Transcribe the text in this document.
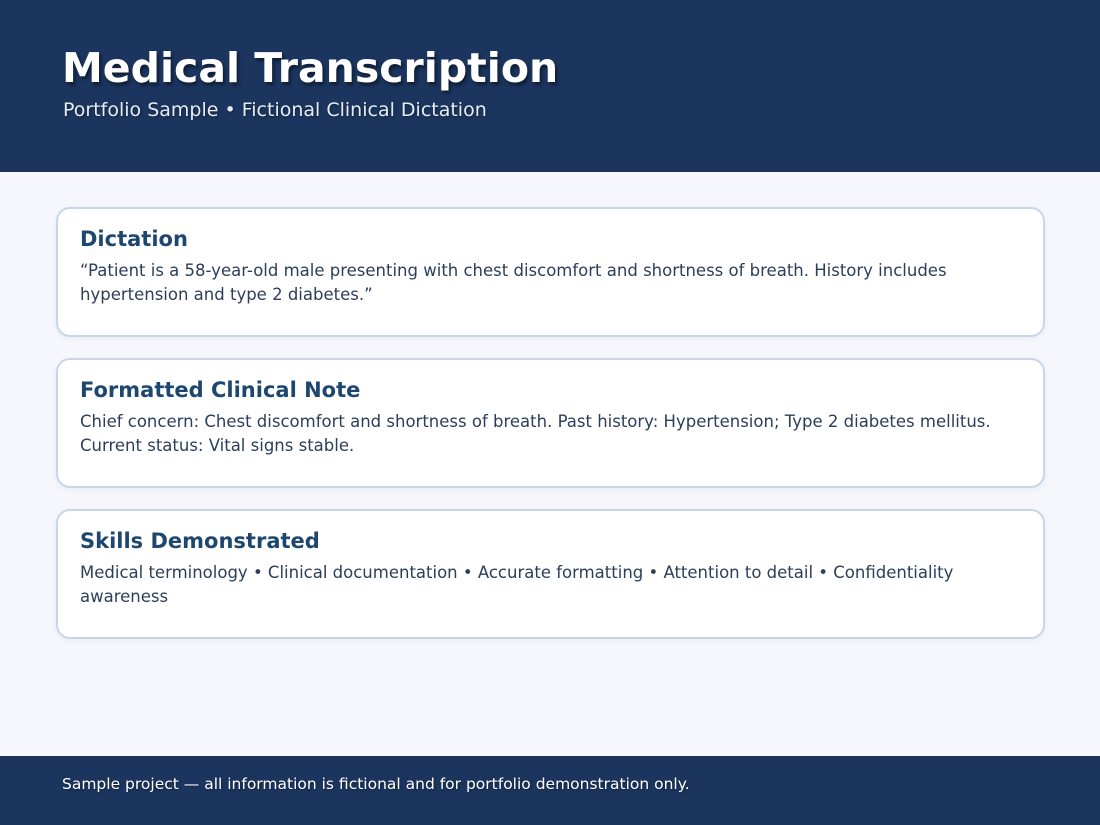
Medical Transcription
Portfolio Sample • Fictional Clinical Dictation
Dictation

“Patient is a 58-year-old male presenting with chest discomfort and shortness of breath. History includes hypertension and type 2 diabetes.”

Formatted Clinical Note

Chief concern: Chest discomfort and shortness of breath. Past history: Hypertension; Type 2 diabetes mellitus. Current status: Vital signs stable.

Skills Demonstrated

Medical terminology • Clinical documentation • Accurate formatting • Attention to detail • Confidentiality awareness

Sample project — all information is fictional and for portfolio demonstration only.
